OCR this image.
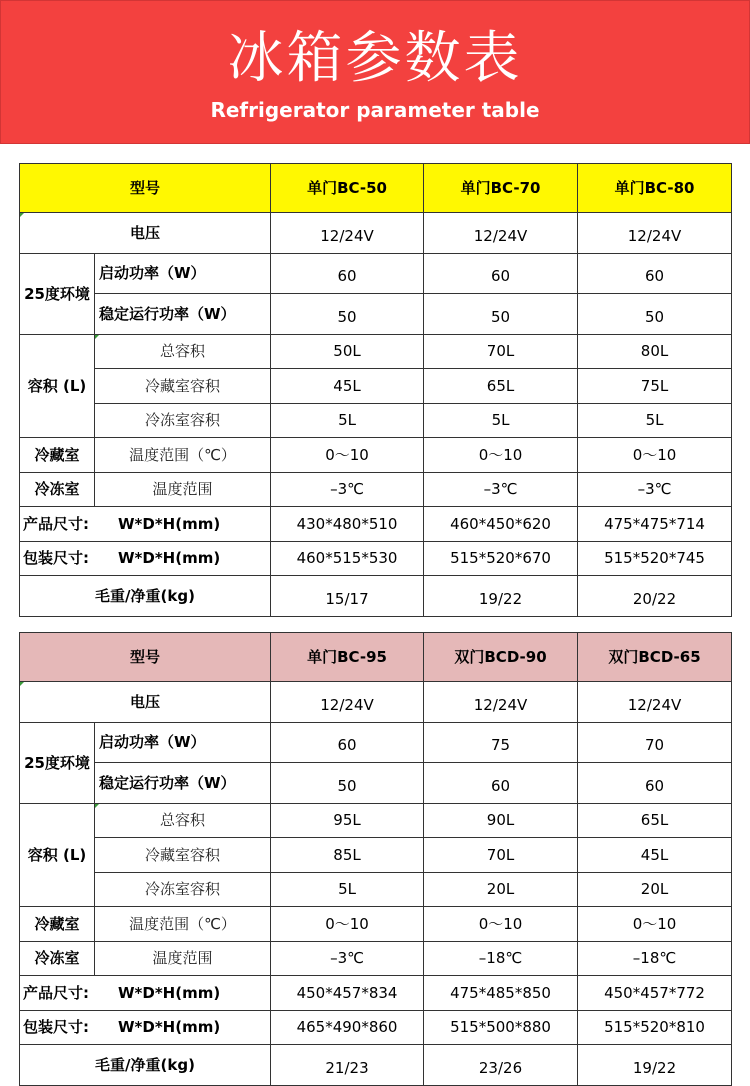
冰箱参数表
Refrigerator parameter table
型号		单门BC-50	单门BC-70	单门BC-80

电压		12/24V	12/24V	12/24V
25度环境	启动功率（W）	60	60	60
	稳定运行功率（W）	50	50	50
容积 (L)	总容积	50L	70L	80L
	冷藏室容积	45L	65L	75L
	冷冻室容积	5L	5L	5L
冷藏室	温度范围（℃）	0～10	0～10	0～10
冷冻室	温度范围	–3℃	–3℃	–3℃
产品尺寸: W*D*H(mm)		430*480*510	460*450*620	475*475*714
包装尺寸: W*D*H(mm)		460*515*530	515*520*670	515*520*745
毛重/净重(kg)		15/17	19/22	20/22
型号		单门BC-95	双门BCD-90	双门BCD-65

电压		12/24V	12/24V	12/24V
25度环境	启动功率（W）	60	75	70
	稳定运行功率（W）	50	60	60
容积 (L)	总容积	95L	90L	65L
	冷藏室容积	85L	70L	45L
	冷冻室容积	5L	20L	20L
冷藏室	温度范围（℃）	0～10	0～10	0～10
冷冻室	温度范围	–3℃	–18℃	–18℃
产品尺寸: W*D*H(mm)		450*457*834	475*485*850	450*457*772
包装尺寸: W*D*H(mm)		465*490*860	515*500*880	515*520*810
毛重/净重(kg)		21/23	23/26	19/22
